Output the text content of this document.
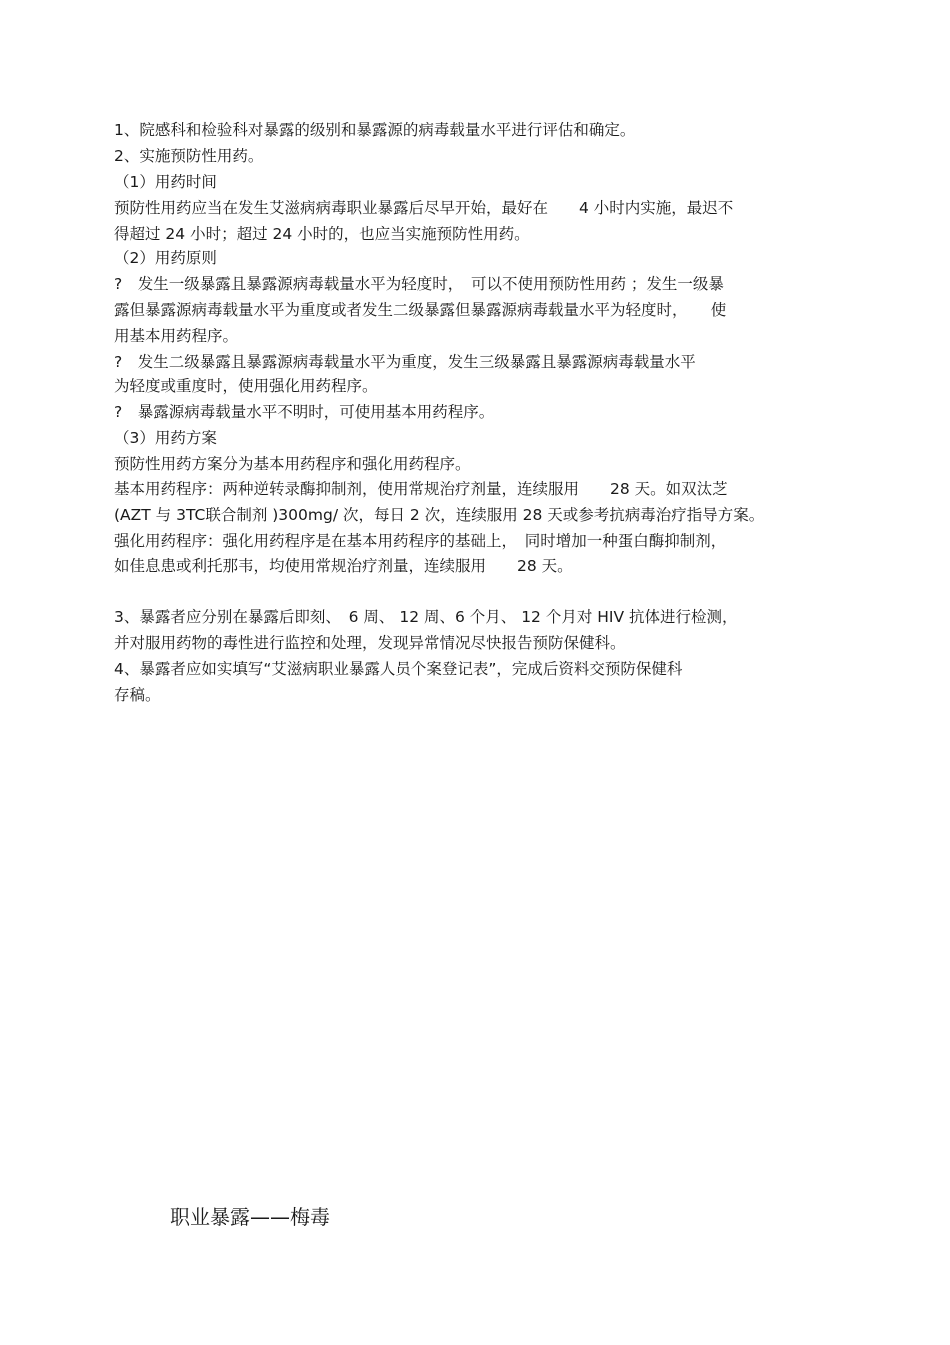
1、院感科和检验科对暴露的级别和暴露源的病毒载量水平进行评估和确定。
2、实施预防性用药。
（1）用药时间
预防性用药应当在发生艾滋病病毒职业暴露后尽早开始，最好在　　4 小时内实施，最迟不
得超过 24 小时；超过 24 小时的，也应当实施预防性用药。
（2）用药原则
?　发生一级暴露且暴露源病毒载量水平为轻度时，　可以不使用预防性用药 ；发生一级暴
露但暴露源病毒载量水平为重度或者发生二级暴露但暴露源病毒载量水平为轻度时，　　使
用基本用药程序。
?　发生二级暴露且暴露源病毒载量水平为重度，发生三级暴露且暴露源病毒载量水平
为轻度或重度时，使用强化用药程序。
?　暴露源病毒载量水平不明时，可使用基本用药程序。
（3）用药方案
预防性用药方案分为基本用药程序和强化用药程序。
基本用药程序：两种逆转录酶抑制剂，使用常规治疗剂量，连续服用　　28 天。如双汰芝
(AZT 与 3TC联合制剂 )300mg/ 次，每日 2 次，连续服用 28 天或参考抗病毒治疗指导方案。
强化用药程序：强化用药程序是在基本用药程序的基础上，　同时增加一种蛋白酶抑制剂，
如佳息患或利托那韦，均使用常规治疗剂量，连续服用　　28 天。
3、暴露者应分别在暴露后即刻、　6 周、 12 周、6 个月、 12 个月对 HIV 抗体进行检测，
并对服用药物的毒性进行监控和处理，发现异常情况尽快报告预防保健科。
4、暴露者应如实填写“艾滋病职业暴露人员个案登记表”，完成后资料交预防保健科
存稿。
职业暴露——梅毒
